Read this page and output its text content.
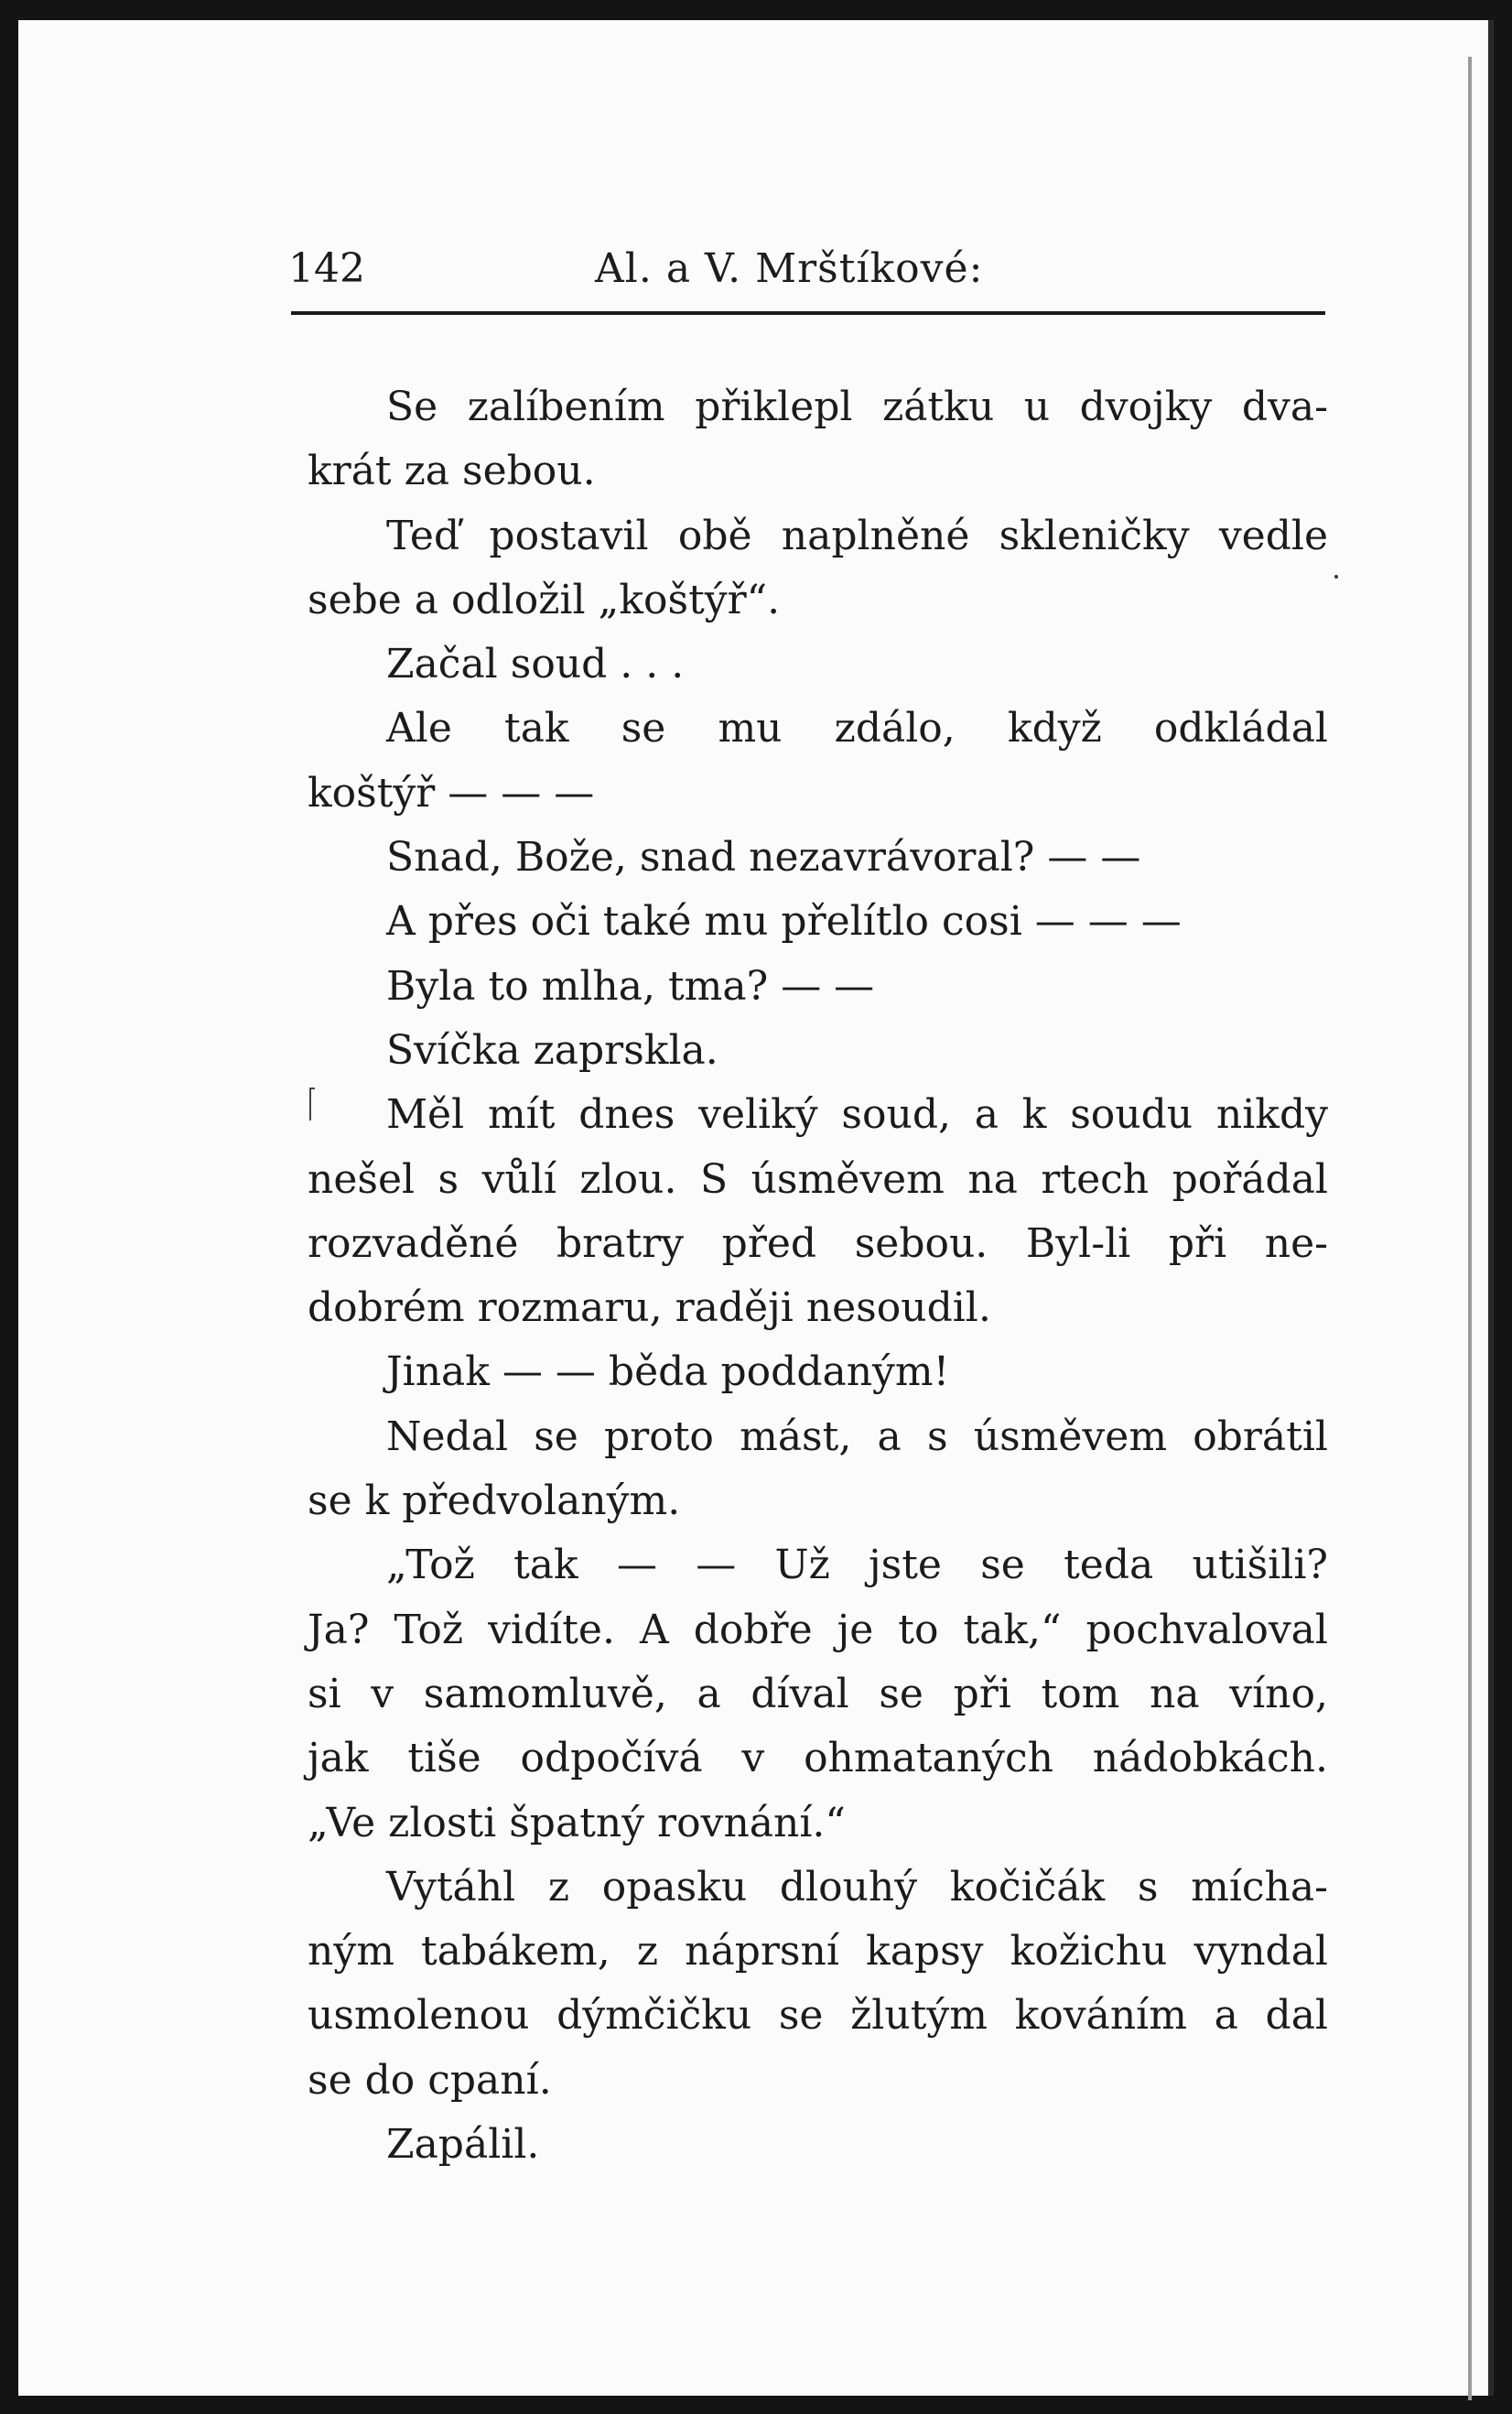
142	Al. a V. Mrštíkové:
Se zalíbením přiklepl zátku u dvojky dva-
krát za sebou.
Teď postavil obě naplněné skleničky vedle
sebe a odložil „koštýř“.
Začal soud . . .
Ale tak se mu zdálo, když odkládal
koštýř — — —
Snad, Bože, snad nezavrávoral? — —
A přes oči také mu přelítlo cosi — — —
Byla to mlha, tma? — —
Svíčka zaprskla.
Měl mít dnes veliký soud, a k soudu nikdy
nešel s vůlí zlou. S úsměvem na rtech pořádal
rozvaděné bratry před sebou. Byl-li při ne-
dobrém rozmaru, raději nesoudil.
Jinak — — běda poddaným!
Nedal se proto mást, a s úsměvem obrátil
se k předvolaným.
„Tož tak — — Už jste se teda utišili?
Ja? Tož vidíte. A dobře je to tak,“ pochvaloval
si v samomluvě, a díval se při tom na víno,
jak tiše odpočívá v ohmataných nádobkách.
„Ve zlosti špatný rovnání.“
Vytáhl z opasku dlouhý kočičák s mícha-
ným tabákem, z náprsní kapsy kožichu vyndal
usmolenou dýmčičku se žlutým kováním a dal
se do cpaní.
Zapálil.
